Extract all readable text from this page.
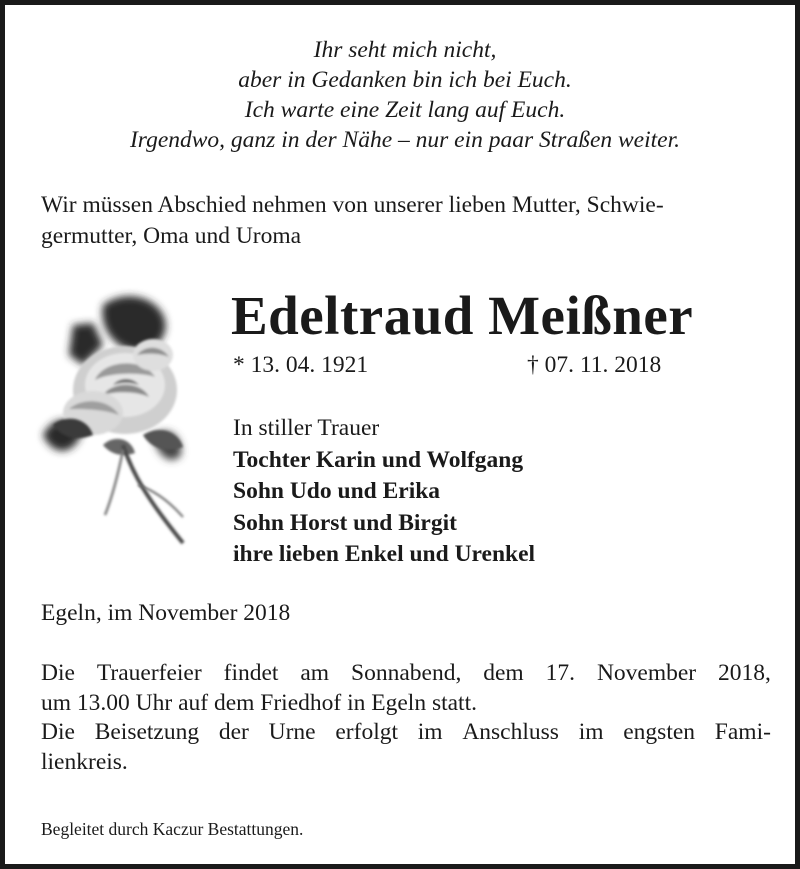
Ihr seht mich nicht,
aber in Gedanken bin ich bei Euch.
Ich warte eine Zeit lang auf Euch.
Irgendwo, ganz in der Nähe – nur ein paar Straßen weiter.
Wir müssen Abschied nehmen von unserer lieben Mutter, Schwie-
germutter, Oma und Uroma
Edeltraud Meißner
* 13. 04. 1921	† 07. 11. 2018
In stiller Trauer
Tochter Karin und Wolfgang
Sohn Udo und Erika
Sohn Horst und Birgit
ihre lieben Enkel und Urenkel
Egeln, im November 2018
Die Trauerfeier findet am Sonnabend, dem 17. November 2018,
um 13.00 Uhr auf dem Friedhof in Egeln statt.
Die Beisetzung der Urne erfolgt im Anschluss im engsten Fami-
lienkreis.
Begleitet durch Kaczur Bestattungen.
